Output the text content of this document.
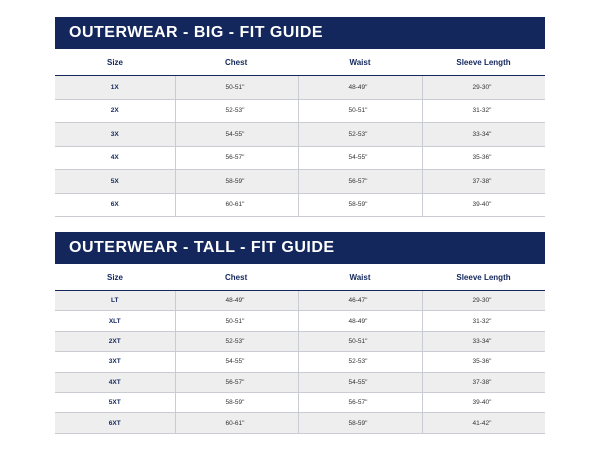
OUTERWEAR - BIG - FIT GUIDE
Size	Chest	Waist	Sleeve Length
1X	50-51"	48-49"	29-30"
2X	52-53"	50-51"	31-32"
3X	54-55"	52-53"	33-34"
4X	56-57"	54-55"	35-36"
5X	58-59"	56-57"	37-38"
6X	60-61"	58-59"	39-40"
OUTERWEAR - TALL - FIT GUIDE
Size	Chest	Waist	Sleeve Length
LT	48-49"	46-47"	29-30"
XLT	50-51"	48-49"	31-32"
2XT	52-53"	50-51"	33-34"
3XT	54-55"	52-53"	35-36"
4XT	56-57"	54-55"	37-38"
5XT	58-59"	56-57"	39-40"
6XT	60-61"	58-59"	41-42"
